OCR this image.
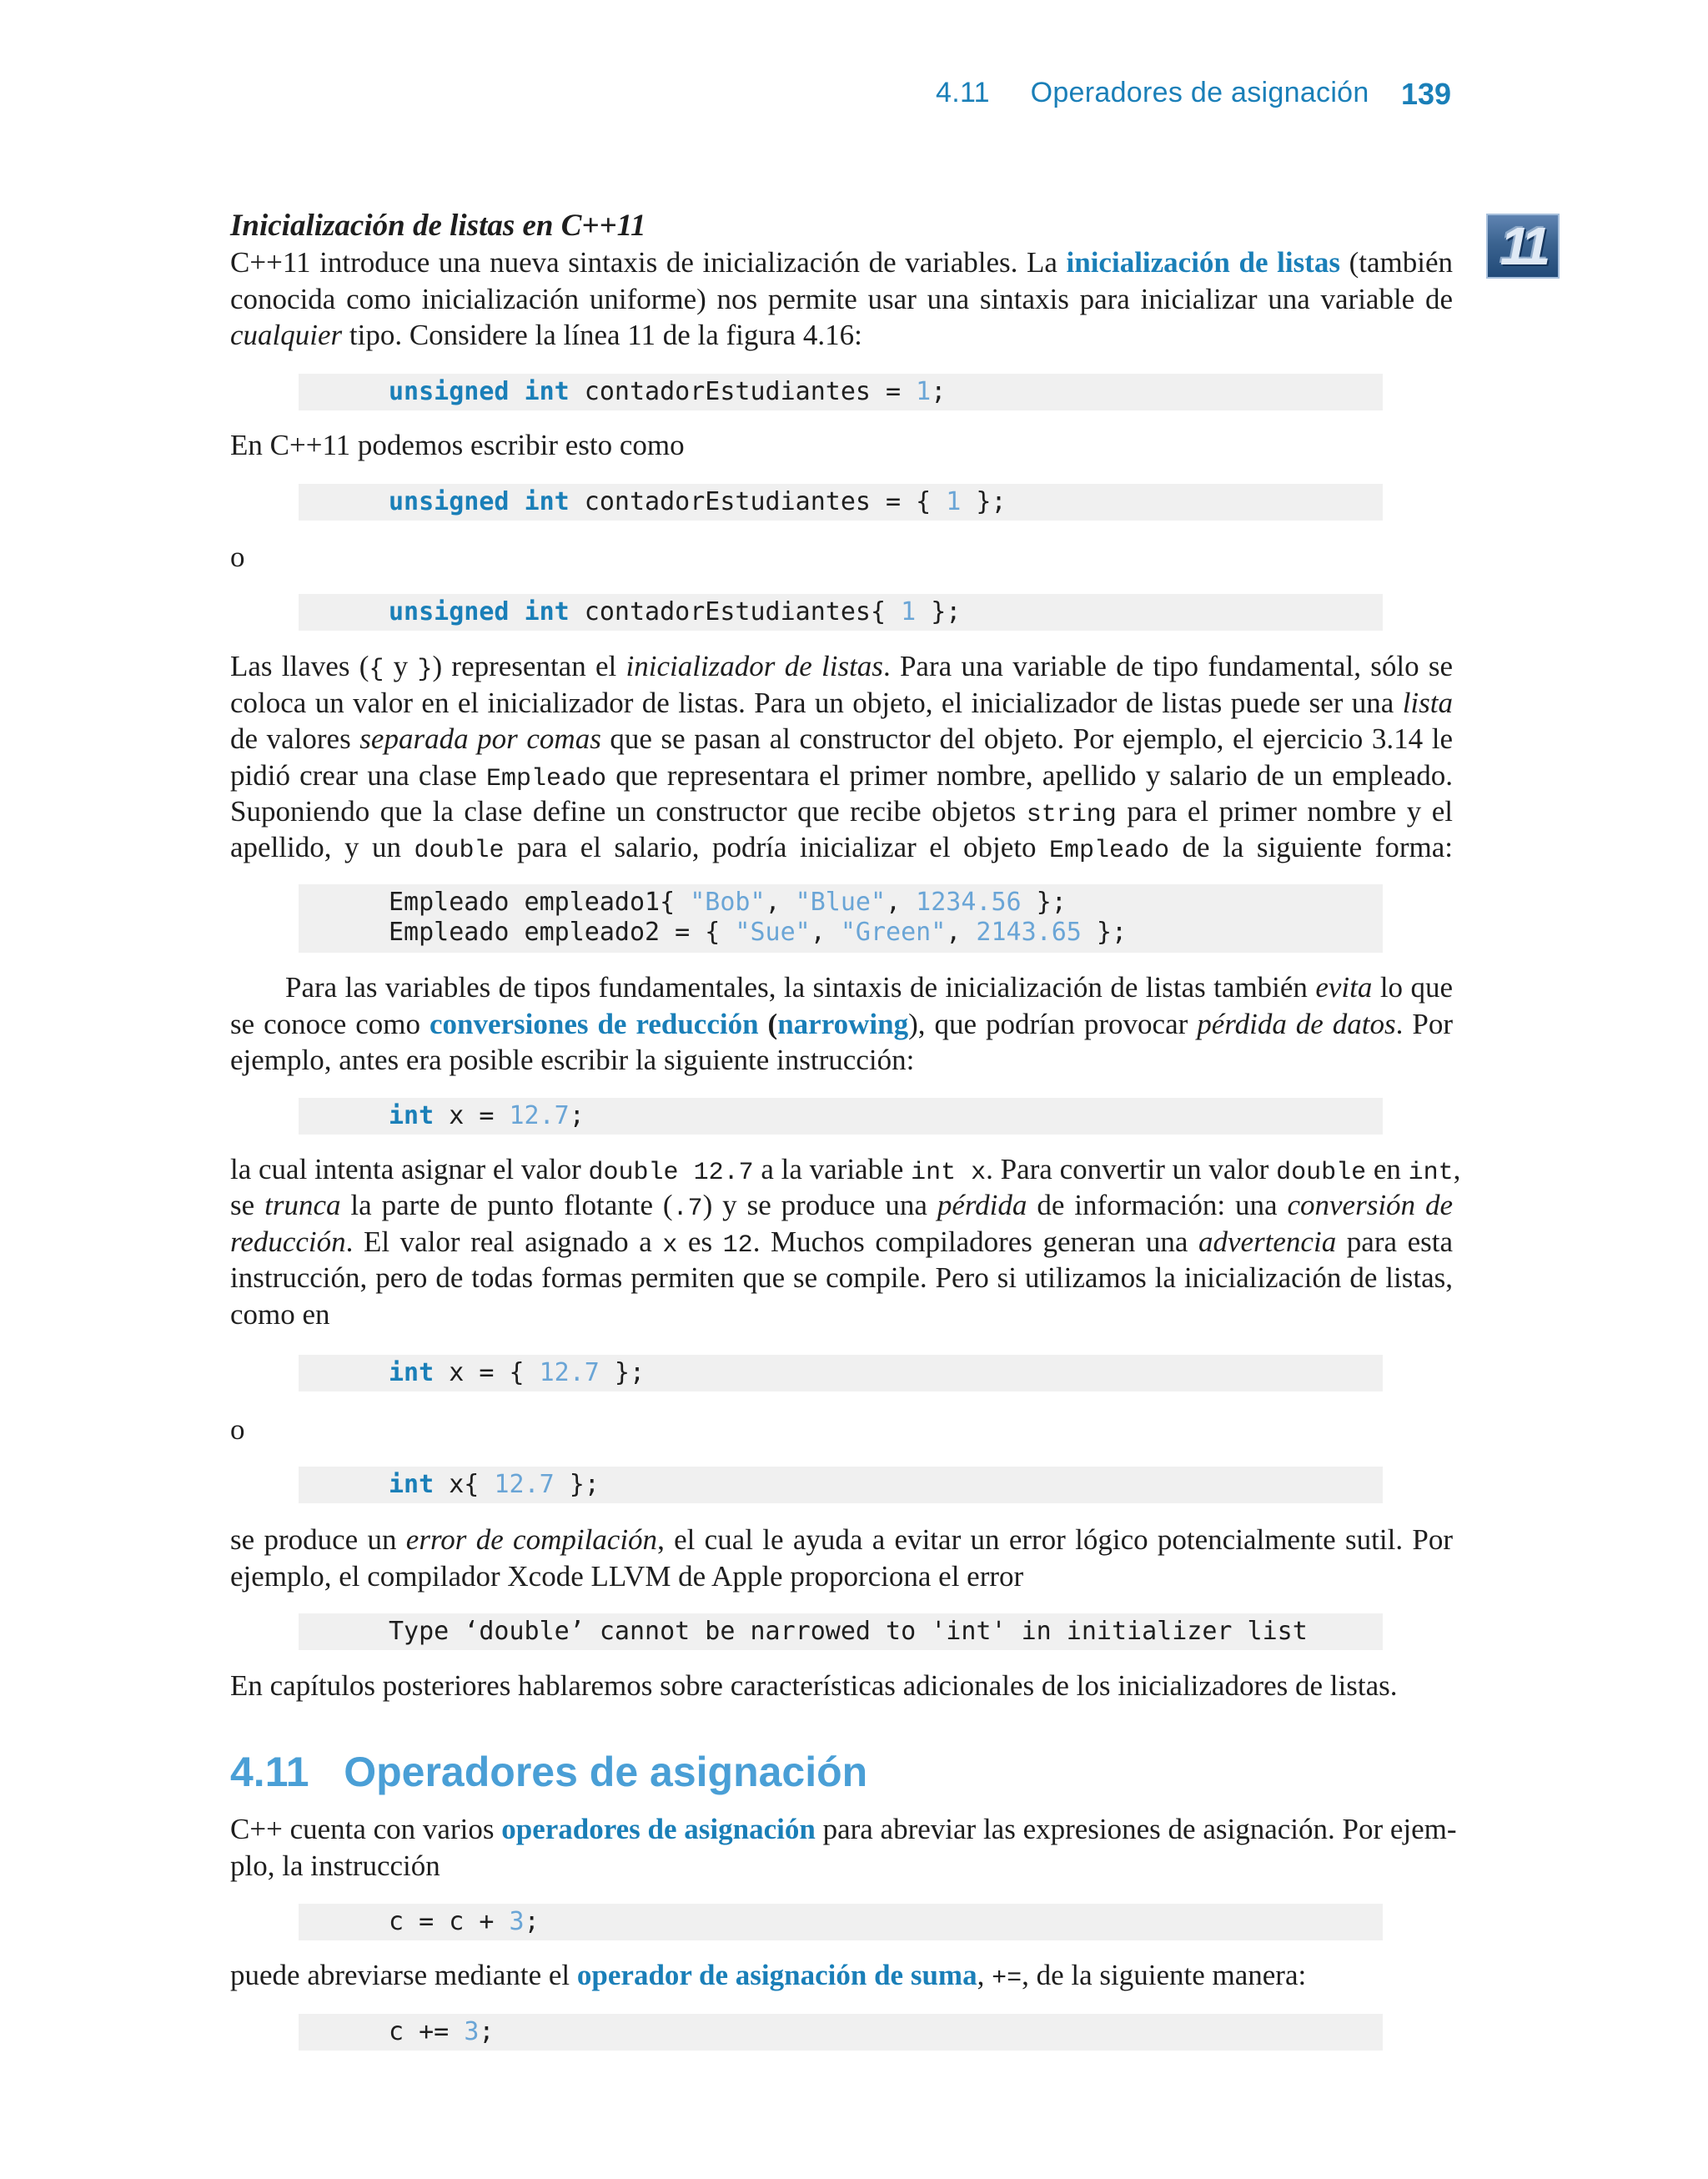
4.11     Operadores de asignación 139
11
Inicialización de listas en C++11
C++11 introduce una nueva sintaxis de inicialización de variables. La inicialización de listas (también
conocida como inicialización uniforme) nos permite usar una sintaxis para inicializar una variable de
cualquier tipo. Considere la línea 11 de la figura 4.16:
unsigned int contadorEstudiantes = 1;
En C++11 podemos escribir esto como
unsigned int contadorEstudiantes = { 1 };
o
unsigned int contadorEstudiantes{ 1 };
Las llaves ({ y }) representan el inicializador de listas. Para una variable de tipo fundamental, sólo se
coloca un valor en el inicializador de listas. Para un objeto, el inicializador de listas puede ser una lista
de valores separada por comas que se pasan al constructor del objeto. Por ejemplo, el ejercicio 3.14 le
pidió crear una clase Empleado que representara el primer nombre, apellido y salario de un empleado.
Suponiendo que la clase define un constructor que recibe objetos string para el primer nombre y el
apellido, y un double para el salario, podría inicializar el objeto Empleado de la siguiente forma:
Empleado empleado1{ "Bob", "Blue", 1234.56 };
Empleado empleado2 = { "Sue", "Green", 2143.65 };
Para las variables de tipos fundamentales, la sintaxis de inicialización de listas también evita lo que
se conoce como conversiones de reducción (narrowing), que podrían provocar pérdida de datos. Por
ejemplo, antes era posible escribir la siguiente instrucción:
int x = 12.7;
la cual intenta asignar el valor double 12.7 a la variable int x. Para convertir un valor double en int,
se trunca la parte de punto flotante (.7) y se produce una pérdida de información: una conversión de
reducción. El valor real asignado a x es 12. Muchos compiladores generan una advertencia para esta
instrucción, pero de todas formas permiten que se compile. Pero si utilizamos la inicialización de listas,
como en
int x = { 12.7 };
o
int x{ 12.7 };
se produce un error de compilación, el cual le ayuda a evitar un error lógico potencialmente sutil. Por
ejemplo, el compilador Xcode LLVM de Apple proporciona el error
Type ‘double’ cannot be narrowed to 'int' in initializer list
En capítulos posteriores hablaremos sobre características adicionales de los inicializadores de listas.
4.11   Operadores de asignación
C++ cuenta con varios operadores de asignación para abreviar las expresiones de asignación. Por ejem-
plo, la instrucción
c = c + 3;
puede abreviarse mediante el operador de asignación de suma, +=, de la siguiente manera:
c += 3;
